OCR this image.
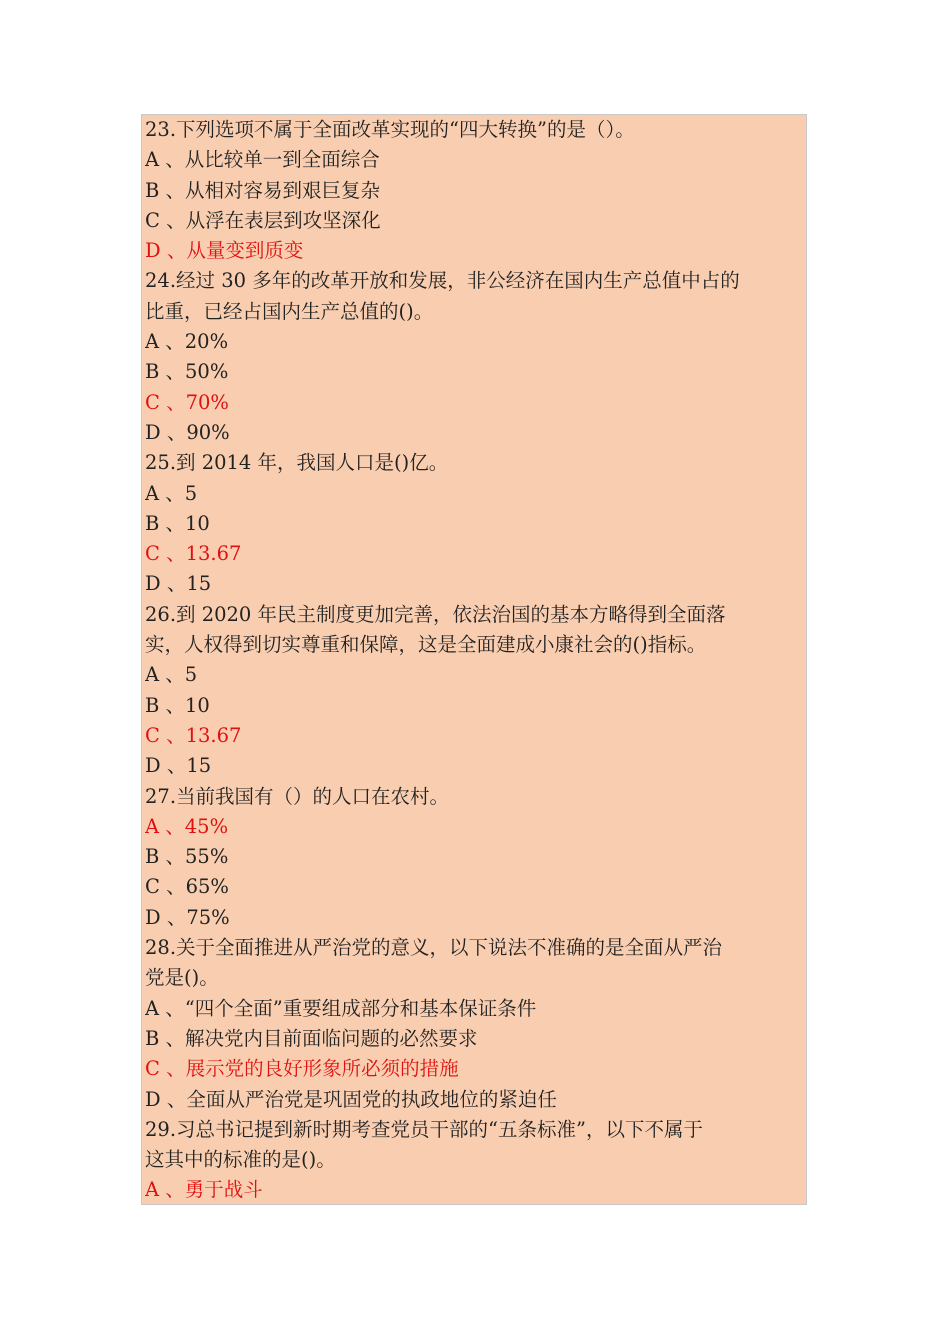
23.下列选项不属于全面改革实现的“四大转换”的是（）。
A 、从比较单一到全面综合
B 、从相对容易到艰巨复杂
C 、从浮在表层到攻坚深化
D 、从量变到质变
24.经过 30 多年的改革开放和发展，非公经济在国内生产总值中占的
比重，已经占国内生产总值的()。
A 、20%
B 、50%
C 、70%
D 、90%
25.到 2014 年，我国人口是()亿。
A 、5
B 、10
C 、13.67
D 、15
26.到 2020 年民主制度更加完善，依法治国的基本方略得到全面落
实，人权得到切实尊重和保障，这是全面建成小康社会的()指标。
A 、5
B 、10
C 、13.67
D 、15
27.当前我国有（）的人口在农村。
A 、45%
B 、55%
C 、65%
D 、75%
28.关于全面推进从严治党的意义，以下说法不准确的是全面从严治
党是()。
A 、“四个全面”重要组成部分和基本保证条件
B 、解决党内目前面临问题的必然要求
C 、展示党的良好形象所必须的措施
D 、全面从严治党是巩固党的执政地位的紧迫任
29.习总书记提到新时期考查党员干部的“五条标准”，以下不属于
这其中的标准的是()。
A 、勇于战斗
